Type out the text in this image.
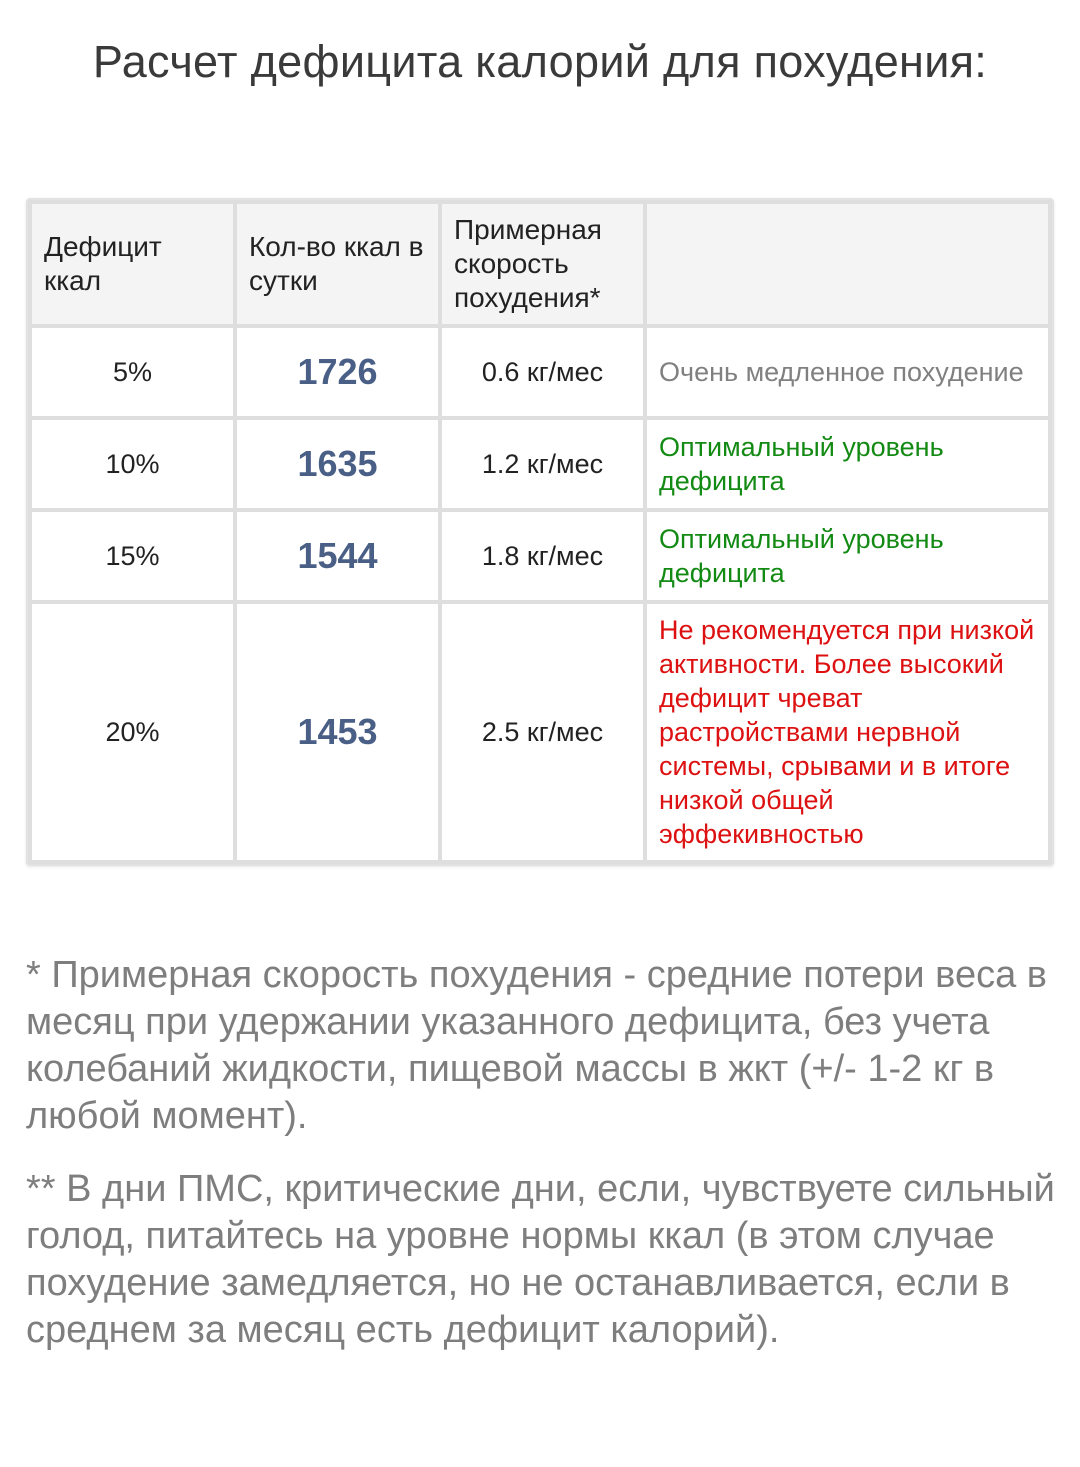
Расчет дефицита калорий для похудения:
Дефицит ккал	Кол-во ккал в сутки	Примерная скорость похудения*	
5%	1726	0.6 кг/мес	Очень медленное похудение
10%	1635	1.2 кг/мес	Оптимальный уровень дефицита
15%	1544	1.8 кг/мес	Оптимальный уровень дефицита
20%	1453	2.5 кг/мес	Не рекомендуется при низкой активности. Более высокий дефицит чреват растройствами нервной системы, срывами и в итоге низкой общей эффекивностью

* Примерная скорость похудения - средние потери веса в месяц при удержании указанного дефицита, без учета колебаний жидкости, пищевой массы в жкт (+/- 1-2 кг в любой момент).

** В дни ПМС, критические дни, если, чувствуете сильный голод, питайтесь на уровне нормы ккал (в этом случае похудение замедляется, но не останавливается, если в среднем за месяц есть дефицит калорий).
